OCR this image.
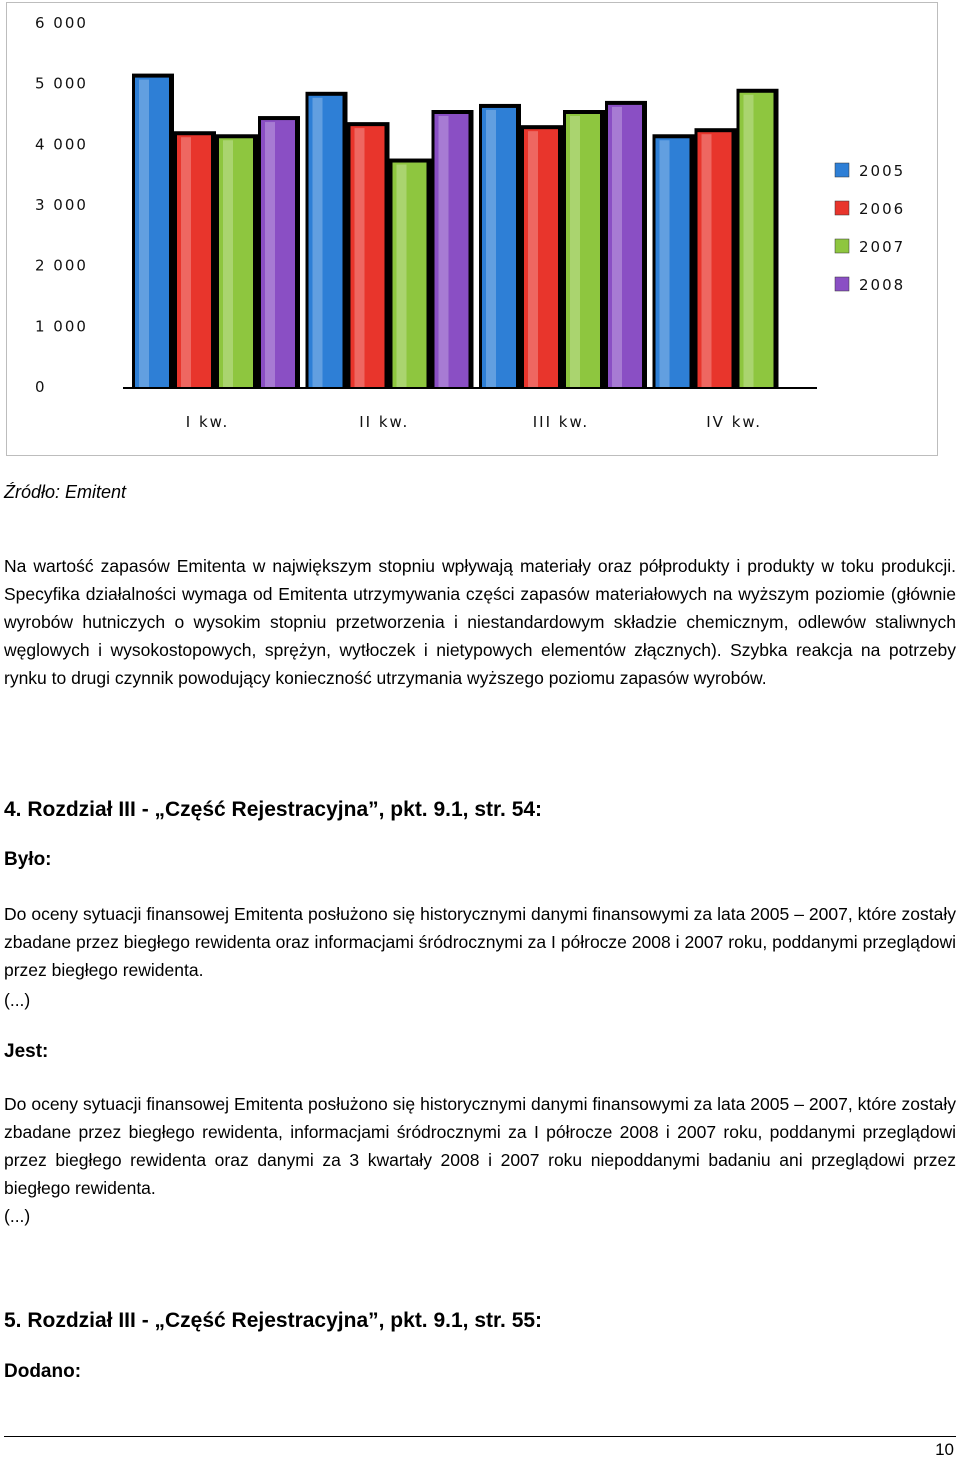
6 000
5 000
4 000
3 000
2 000
1 000
0
I kw.	II kw.	III kw.	IV kw.
2005
2006
2007
2008
Źródło: Emitent

Na wartość zapasów Emitenta w największym stopniu wpływają materiały oraz półprodukty i produkty w toku produkcji. Specyfika działalności wymaga od Emitenta utrzymywania części zapasów materiałowych na wyższym poziomie (głównie wyrobów hutniczych o wysokim stopniu przetworzenia i niestandardowym składzie chemicznym, odlewów staliwnych węglowych i wysokostopowych, sprężyn, wytłoczek i nietypowych elementów złącznych). Szybka reakcja na potrzeby rynku to drugi czynnik powodujący konieczność utrzymania wyższego poziomu zapasów wyrobów.

4. Rozdział III - „Część Rejestracyjna”, pkt. 9.1, str. 54:
Było:

Do oceny sytuacji finansowej Emitenta posłużono się historycznymi danymi finansowymi za lata 2005 – 2007, które zostały zbadane przez biegłego rewidenta oraz informacjami śródrocznymi za I półrocze 2008 i 2007 roku, poddanymi przeglądowi przez biegłego rewidenta.

(...)
Jest:

Do oceny sytuacji finansowej Emitenta posłużono się historycznymi danymi finansowymi za lata 2005 – 2007, które zostały zbadane przez biegłego rewidenta, informacjami śródrocznymi za I półrocze 2008 i 2007 roku, poddanymi przeglądowi przez biegłego rewidenta oraz danymi za 3 kwartały 2008 i 2007 roku niepoddanymi badaniu ani przeglądowi przez biegłego rewidenta.

(...)
5. Rozdział III - „Część Rejestracyjna”, pkt. 9.1, str. 55:
Dodano:
10
